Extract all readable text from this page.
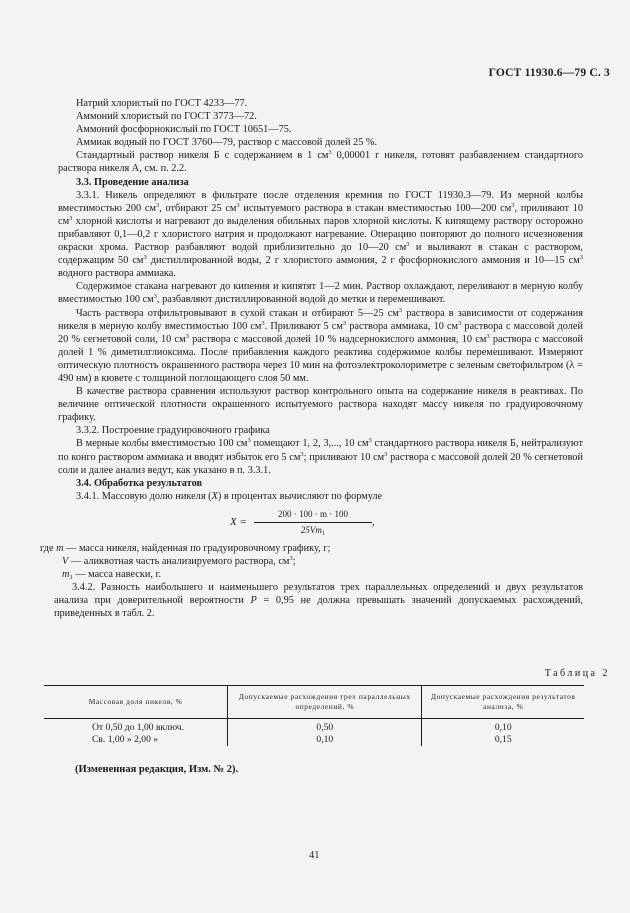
ГОСТ 11930.6—79 С. 3

Натрий хлористый по ГОСТ 4233—77.

Аммоний хлористый по ГОСТ 3773—72.

Аммоний фосфорнокислый по ГОСТ 10651—75.

Аммиак водный по ГОСТ 3760—79, раствор с массовой долей 25 %.

Стандартный раствор никеля Б с содержанием в 1 $см^3$ 0,00001 г никеля, готовят разбавлением стандартного раствора никеля А, см. п. 2.2.

3.3. Проведение анализа

3.3.1. Никель определяют в фильтрате после отделения кремния по ГОСТ 11930.3—79. Из мерной колбы вместимостью 200 $см^3$, отбирают 25 $см^3$ испытуемого раствора в стакан вместимостью 100—200 $см^3$, приливают 10 $см^3$ хлорной кислоты и нагревают до выделения обильных паров хлорной кислоты. К кипящему раствору осторожно прибавляют 0,1—0,2 г хлористого натрия и продолжают нагревание. Операцию повторяют до полного исчезновения окраски хрома. Раствор разбавляют водой приблизительно до 10—20 $см^3$ и выливают в стакан с раствором, содержащим 50 $см^3$ дистиллированной воды, 2 г хлористого аммония, 2 г фосфорнокислого аммония и 10—15 $см^3$ водного раствора аммиака.

Содержимое стакана нагревают до кипения и кипятят 1—2 мин. Раствор охлаждают, переливают в мерную колбу вместимостью 100 $см^3$, разбавляют дистиллированной водой до метки и перемешивают.

Часть раствора отфильтровывают в сухой стакан и отбирают 5—25 $см^3$ раствора в зависимости от содержания никеля в мерную колбу вместимостью 100 $см^3$. Приливают 5 $см^3$ раствора аммиака, 10 $см^3$ раствора с массовой долей 20 % сегнетовой соли, 10 $см^3$ раствора с массовой долей 10 % надсернокислого аммония, 10 $см^3$ раствора с массовой долей 1 % диметилглиоксима. После прибавления каждого реактива содержимое колбы перемешивают. Измеряют оптическую плотность окрашенного раствора через 10 мин на фотоэлектроколориметре с зеленым светофильтром (λ = 490 нм) в кювете с толщиной поглощающего слоя 50 мм.

В качестве раствора сравнения используют раствор контрольного опыта на содержание никеля в реактивах. По величине оптической плотности окрашенного испытуемого раствора находят массу никеля по градуировочному графику.

3.3.2. Построение градуировочного графика

В мерные колбы вместимостью 100 $см^3$ помещают 1, 2, 3,..., 10 $см^3$ стандартного раствора никеля Б, нейтрализуют по конго раствором аммиака и вводят избыток его 5 $см^3$; приливают 10 $см^3$ раствора с массовой долей 20 % сегнетовой соли и далее анализ ведут, как указано в п. 3.3.1.

3.4. Обработка результатов

3.4.1. Массовую долю никеля (X) в процентах вычисляют по формуле

$X = \frac{200 \cdot 100 \cdot m \cdot 100}{25Vm_1}$ ,

где m — масса никеля, найденная по градуировочному графику, г;

V — аликвотная часть анализируемого раствора, $см^3$;

$m_1$ — масса навески, г.

3.4.2. Разность наибольшего и наименьшего результатов трех параллельных определений и двух результатов анализа при доверительной вероятности P = 0,95 не должна превышать значений допускаемых расхождений, приведенных в табл. 2.

Таблица 2
Массовая доля никеля, %	Допускаемые расхождения трех параллельных определений, %	Допускаемые расхождения результатов анализа, %
От 0,50 до 1,00 включ.	0,50	0,10
Св. 1,00 » 2,00 »	0,10	0,15
(Измененная редакция, Изм. № 2).
41
